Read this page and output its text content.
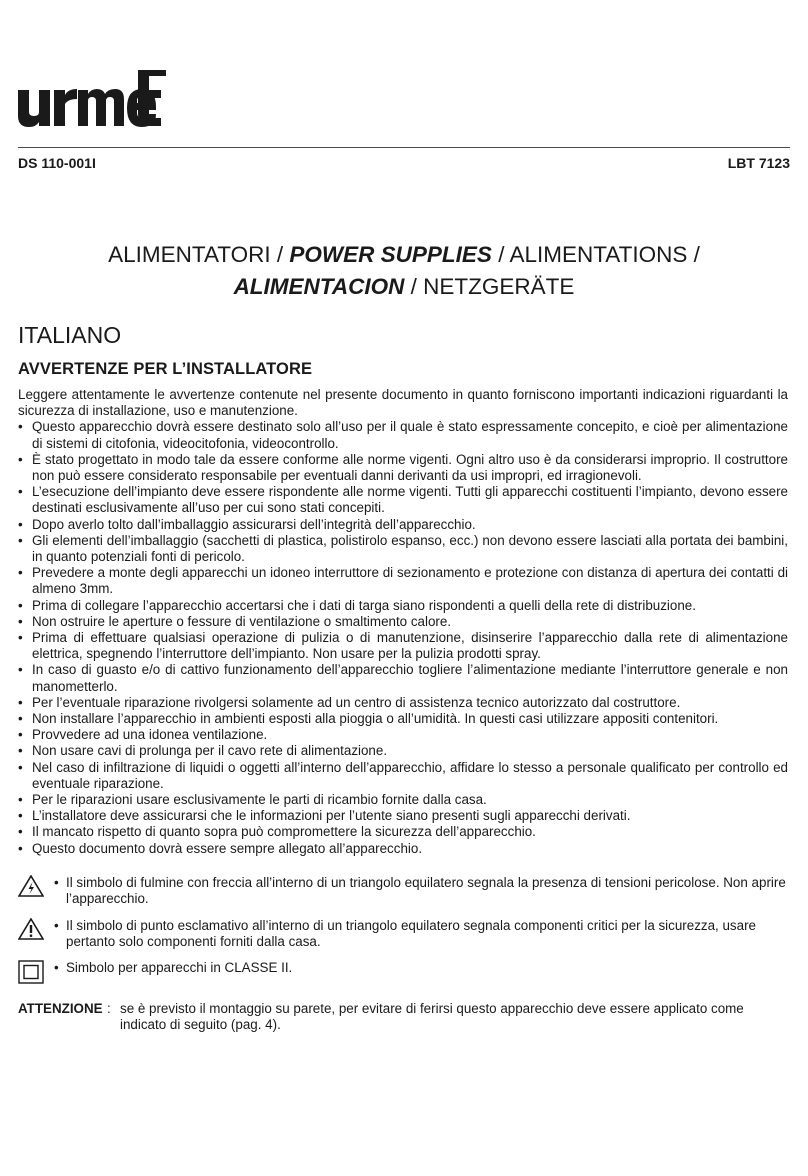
DS 110-001I	LBT 7123
ALIMENTATORI / POWER SUPPLIES / ALIMENTATIONS /
ALIMENTACION / NETZGERÄTE
ITALIANO
AVVERTENZE PER L’INSTALLATORE

Leggere attentamente le avvertenze contenute nel presente documento in quanto forniscono importanti indicazioni riguardanti la sicurezza di installazione, uso e manutenzione.

• Questo apparecchio dovrà essere destinato solo all’uso per il quale è stato espressamente concepito, e cioè per alimentazione di sistemi di citofonia, videocitofonia, videocontrollo.
• È stato progettato in modo tale da essere conforme alle norme vigenti. Ogni altro uso è da considerarsi improprio. Il costruttore non può essere considerato responsabile per eventuali danni derivanti da usi impropri, ed irragionevoli.
• L’esecuzione dell’impianto deve essere rispondente alle norme vigenti. Tutti gli apparecchi costituenti l’impianto, devono essere destinati esclusivamente all’uso per cui sono stati concepiti.
• Dopo averlo tolto dall’imballaggio assicurarsi dell’integrità dell’apparecchio.
• Gli elementi dell’imballaggio (sacchetti di plastica, polistirolo espanso, ecc.) non devono essere lasciati alla portata dei bambini, in quanto potenziali fonti di pericolo.
• Prevedere a monte degli apparecchi un idoneo interruttore di sezionamento e protezione con distanza di apertura dei contatti di almeno 3mm.
• Prima di collegare l’apparecchio accertarsi che i dati di targa siano rispondenti a quelli della rete di distribuzione.
• Non ostruire le aperture o fessure di ventilazione o smaltimento calore.
• Prima di effettuare qualsiasi operazione di pulizia o di manutenzione, disinserire l’apparecchio dalla rete di alimentazione elettrica, spegnendo l’interruttore dell’impianto. Non usare per la pulizia prodotti spray.
• In caso di guasto e/o di cattivo funzionamento dell’apparecchio togliere l’alimentazione mediante l’interruttore generale e non manometterlo.
• Per l’eventuale riparazione rivolgersi solamente ad un centro di assistenza tecnico autorizzato dal costruttore.
• Non installare l’apparecchio in ambienti esposti alla pioggia o all’umidità. In questi casi utilizzare appositi contenitori.
• Provvedere ad una idonea ventilazione.
• Non usare cavi di prolunga per il cavo rete di alimentazione.
• Nel caso di infiltrazione di liquidi o oggetti all’interno dell’apparecchio, affidare lo stesso a personale qualificato per controllo ed eventuale riparazione.
• Per le riparazioni usare esclusivamente le parti di ricambio fornite dalla casa.
• L’installatore deve assicurarsi che le informazioni per l’utente siano presenti sugli apparecchi derivati.
• Il mancato rispetto di quanto sopra può compromettere la sicurezza dell’apparecchio.
• Questo documento dovrà essere sempre allegato all’apparecchio.
• Il simbolo di fulmine con freccia all’interno di un triangolo equilatero segnala la presenza di tensioni pericolose. Non aprire l’apparecchio.
• Il simbolo di punto esclamativo all’interno di un triangolo equilatero segnala componenti critici per la sicurezza, usare pertanto solo componenti forniti dalla casa.
• Simbolo per apparecchi in CLASSE II.
ATTENZIONE : se è previsto il montaggio su parete, per evitare di ferirsi questo apparecchio deve essere applicato come indicato di seguito (pag. 4).
